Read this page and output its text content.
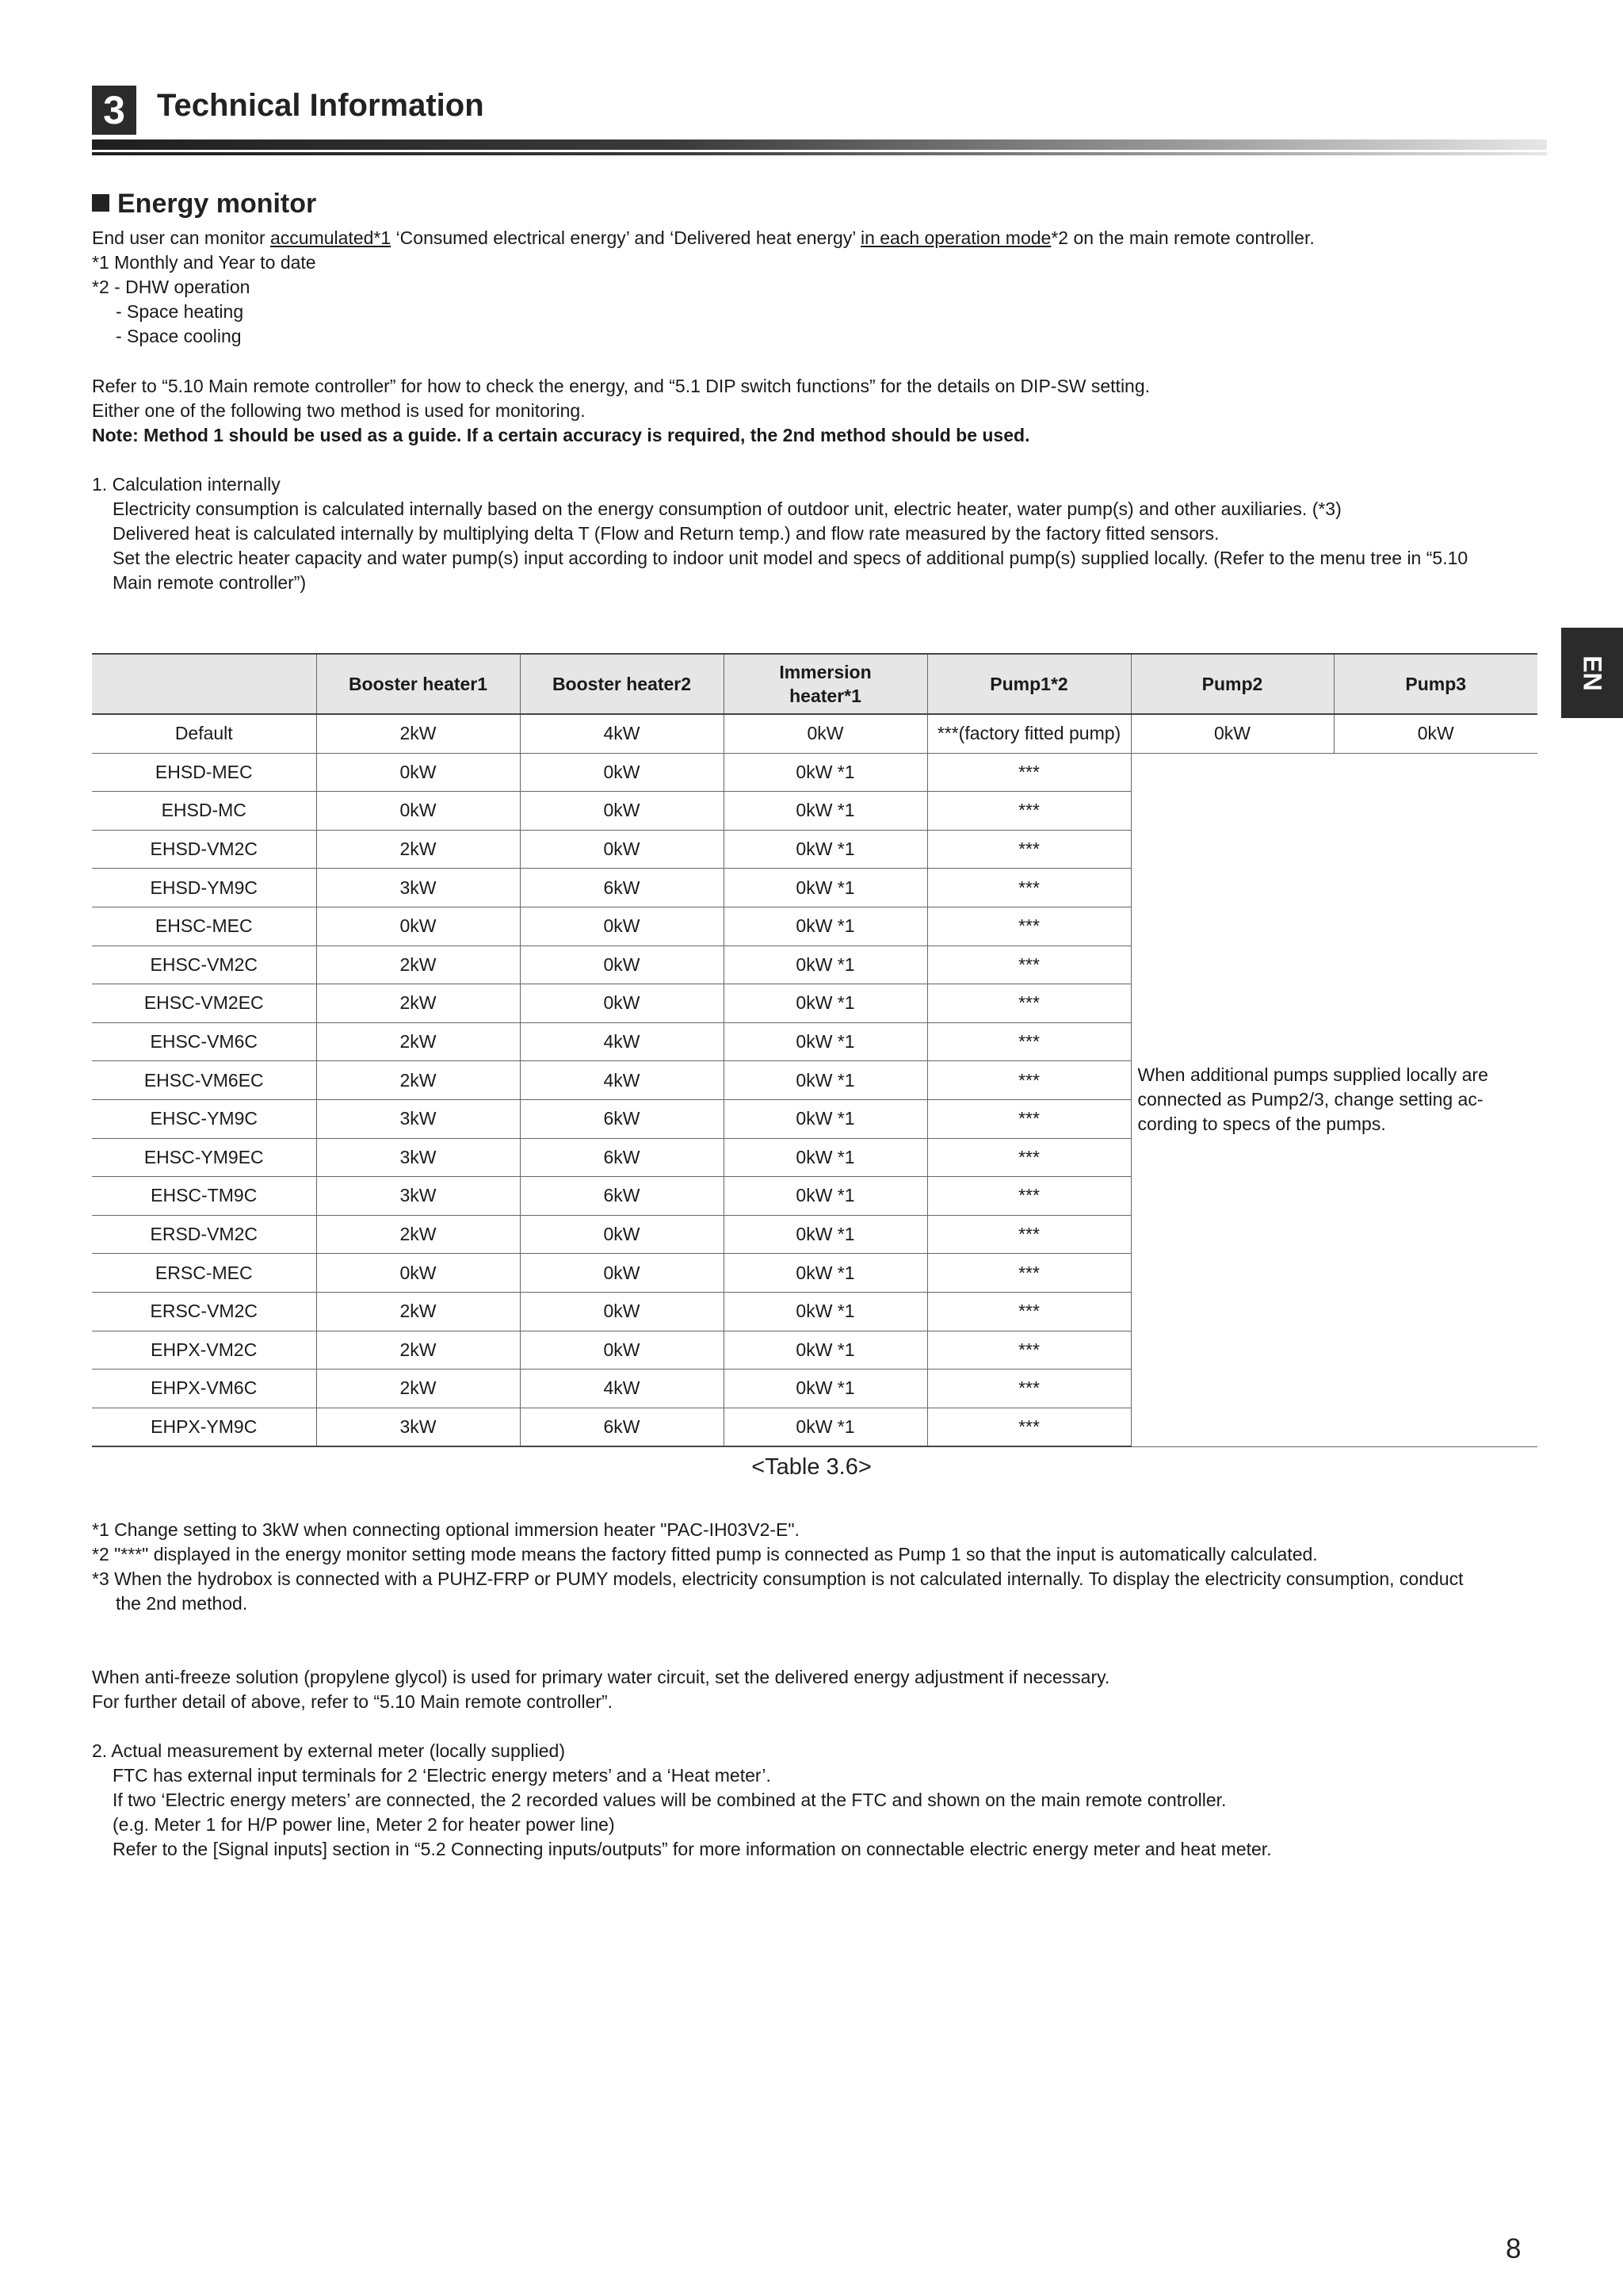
3	Technical Information
EN
Energy monitor
End user can monitor accumulated*1 ‘Consumed electrical energy’ and ‘Delivered heat energy’ in each operation mode*2 on the main remote controller.
*1 Monthly and Year to date
*2 - DHW operation
- Space heating
- Space cooling
Refer to “5.10 Main remote controller” for how to check the energy, and “5.1 DIP switch functions” for the details on DIP-SW setting.
Either one of the following two method is used for monitoring.
Note: Method 1 should be used as a guide. If a certain accuracy is required, the 2nd method should be used.
1. Calculation internally
Electricity consumption is calculated internally based on the energy consumption of outdoor unit, electric heater, water pump(s) and other auxiliaries. (*3)
Delivered heat is calculated internally by multiplying delta T (Flow and Return temp.) and flow rate measured by the factory fitted sensors.
Set the electric heater capacity and water pump(s) input according to indoor unit model and specs of additional pump(s) supplied locally. (Refer to the menu tree in “5.10
Main remote controller”)
	Booster heater1	Booster heater2	Immersion
heater*1	Pump1*2	Pump2	Pump3
Default	2kW	4kW	0kW	***(factory fitted pump)	0kW	0kW
EHSD-MEC	0kW	0kW	0kW *1	***	When additional pumps supplied locally are
connected as Pump2/3, change setting ac-
cording to specs of the pumps.	
EHSD-MC	0kW	0kW	0kW *1	***		
EHSD-VM2C	2kW	0kW	0kW *1	***		
EHSD-YM9C	3kW	6kW	0kW *1	***		
EHSC-MEC	0kW	0kW	0kW *1	***		
EHSC-VM2C	2kW	0kW	0kW *1	***		
EHSC-VM2EC	2kW	0kW	0kW *1	***		
EHSC-VM6C	2kW	4kW	0kW *1	***		
EHSC-VM6EC	2kW	4kW	0kW *1	***		
EHSC-YM9C	3kW	6kW	0kW *1	***		
EHSC-YM9EC	3kW	6kW	0kW *1	***		
EHSC-TM9C	3kW	6kW	0kW *1	***		
ERSD-VM2C	2kW	0kW	0kW *1	***		
ERSC-MEC	0kW	0kW	0kW *1	***		
ERSC-VM2C	2kW	0kW	0kW *1	***		
EHPX-VM2C	2kW	0kW	0kW *1	***		
EHPX-VM6C	2kW	4kW	0kW *1	***		
EHPX-YM9C	3kW	6kW	0kW *1	***		
<Table 3.6>
*1 Change setting to 3kW when connecting optional immersion heater "PAC-IH03V2-E".
*2 "***" displayed in the energy monitor setting mode means the factory fitted pump is connected as Pump 1 so that the input is automatically calculated.
*3 When the hydrobox is connected with a PUHZ-FRP or PUMY models, electricity consumption is not calculated internally. To display the electricity consumption, conduct
the 2nd method.
When anti-freeze solution (propylene glycol) is used for primary water circuit, set the delivered energy adjustment if necessary.
For further detail of above, refer to “5.10 Main remote controller”.
2. Actual measurement by external meter (locally supplied)
FTC has external input terminals for 2 ‘Electric energy meters’ and a ‘Heat meter’.
If two ‘Electric energy meters’ are connected, the 2 recorded values will be combined at the FTC and shown on the main remote controller.
(e.g. Meter 1 for H/P power line, Meter 2 for heater power line)
Refer to the [Signal inputs] section in “5.2 Connecting inputs/outputs” for more information on connectable electric energy meter and heat meter.
8
